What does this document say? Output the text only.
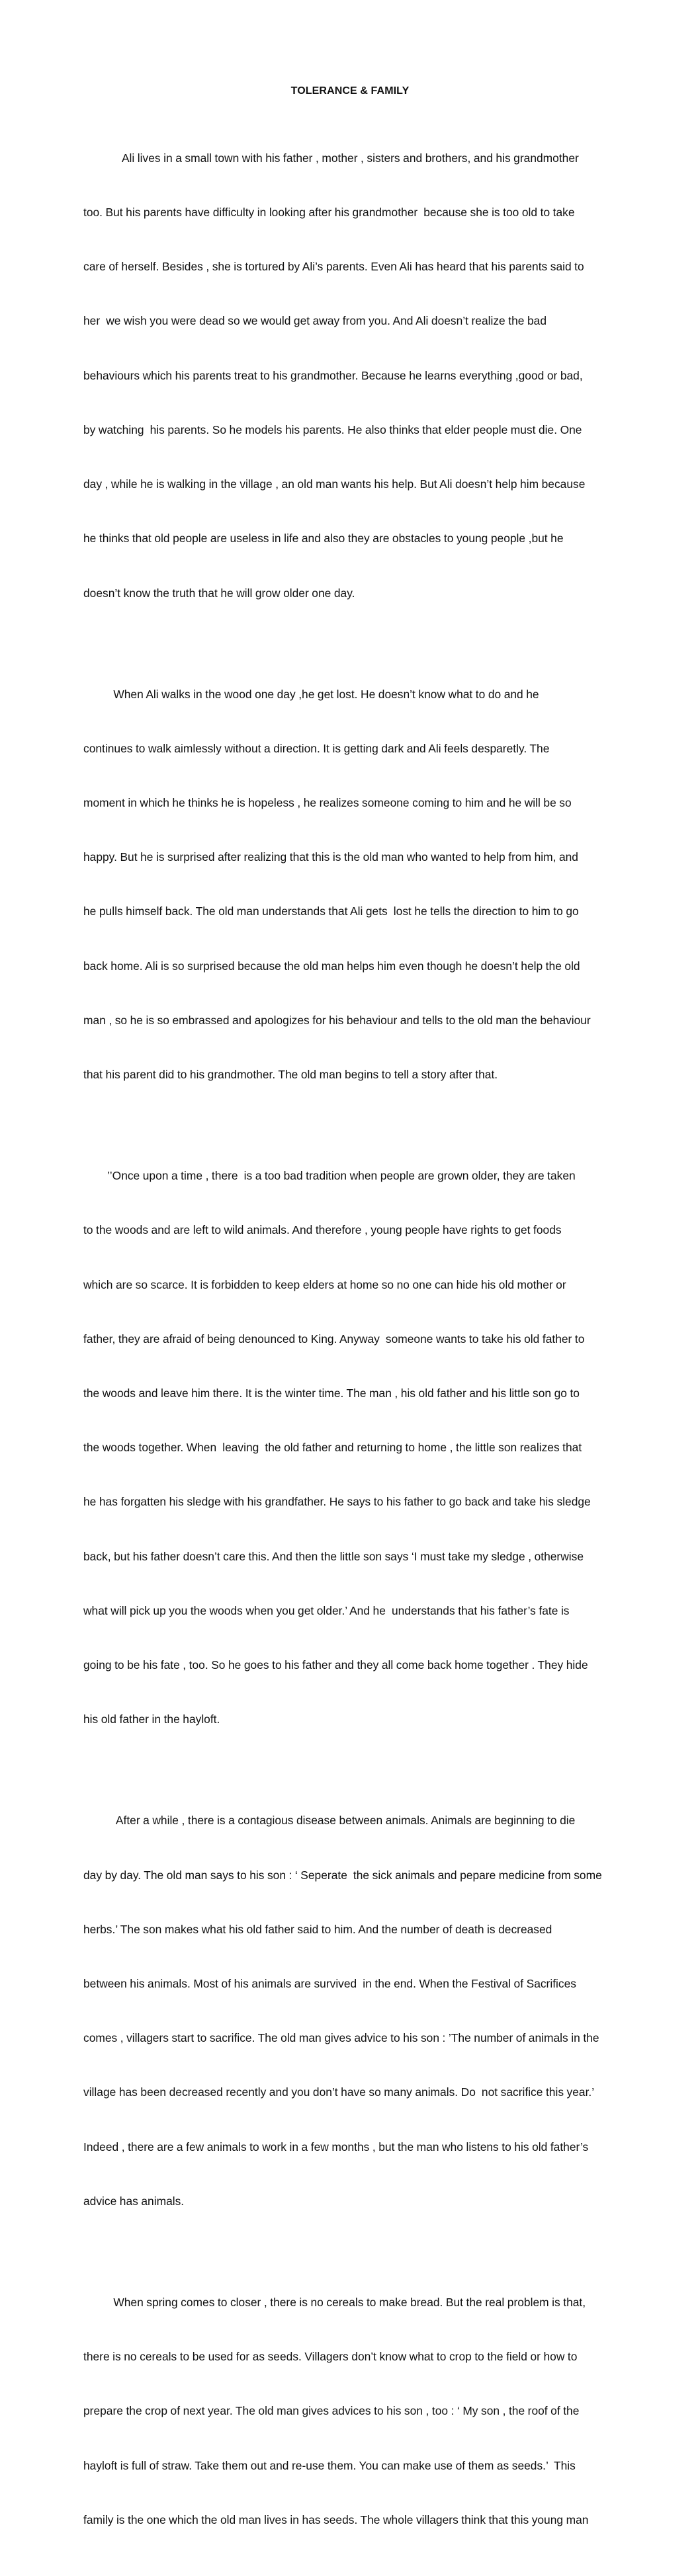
TOLERANCE & FAMILY

Ali lives in a small town with his father , mother , sisters and brothers, and his grandmother

too. But his parents have difficulty in looking after his grandmother  because she is too old to take

care of herself. Besides , she is tortured by Ali’s parents. Even Ali has heard that his parents said to

her  we wish you were dead so we would get away from you. And Ali doesn’t realize the bad

behaviours which his parents treat to his grandmother. Because he learns everything ,good or bad,

by watching  his parents. So he models his parents. He also thinks that elder people must die. One

day , while he is walking in the village , an old man wants his help. But Ali doesn’t help him because

he thinks that old people are useless in life and also they are obstacles to young people ,but he

doesn’t know the truth that he will grow older one day.

When Ali walks in the wood one day ,he get lost. He doesn’t know what to do and he

continues to walk aimlessly without a direction. It is getting dark and Ali feels desparetly. The

moment in which he thinks he is hopeless , he realizes someone coming to him and he will be so

happy. But he is surprised after realizing that this is the old man who wanted to help from him, and

he pulls himself back. The old man understands that Ali gets  lost he tells the direction to him to go

back home. Ali is so surprised because the old man helps him even though he doesn’t help the old

man , so he is so embrassed and apologizes for his behaviour and tells to the old man the behaviour

that his parent did to his grandmother. The old man begins to tell a story after that.

’’Once upon a time , there  is a too bad tradition when people are grown older, they are taken

to the woods and are left to wild animals. And therefore , young people have rights to get foods

which are so scarce. It is forbidden to keep elders at home so no one can hide his old mother or

father, they are afraid of being denounced to King. Anyway  someone wants to take his old father to

the woods and leave him there. It is the winter time. The man , his old father and his little son go to

the woods together. When  leaving  the old father and returning to home , the little son realizes that

he has forgatten his sledge with his grandfather. He says to his father to go back and take his sledge

back, but his father doesn’t care this. And then the little son says ‘I must take my sledge , otherwise

what will pick up you the woods when you get older.’ And he  understands that his father’s fate is

going to be his fate , too. So he goes to his father and they all come back home together . They hide

his old father in the hayloft.

After a while , there is a contagious disease between animals. Animals are beginning to die

day by day. The old man says to his son : ‘ Seperate  the sick animals and pepare medicine from some

herbs.’ The son makes what his old father said to him. And the number of death is decreased

between his animals. Most of his animals are survived  in the end. When the Festival of Sacrifices

comes , villagers start to sacrifice. The old man gives advice to his son : ’The number of animals in the

village has been decreased recently and you don’t have so many animals. Do  not sacrifice this year.’

Indeed , there are a few animals to work in a few months , but the man who listens to his old father’s

advice has animals.

When spring comes to closer , there is no cereals to make bread. But the real problem is that,

there is no cereals to be used for as seeds. Villagers don’t know what to crop to the field or how to

prepare the crop of next year. The old man gives advices to his son , too : ‘ My son , the roof of the

hayloft is full of straw. Take them out and re-use them. You can make use of them as seeds.’  This

family is the one which the old man lives in has seeds. The whole villagers think that this young man
